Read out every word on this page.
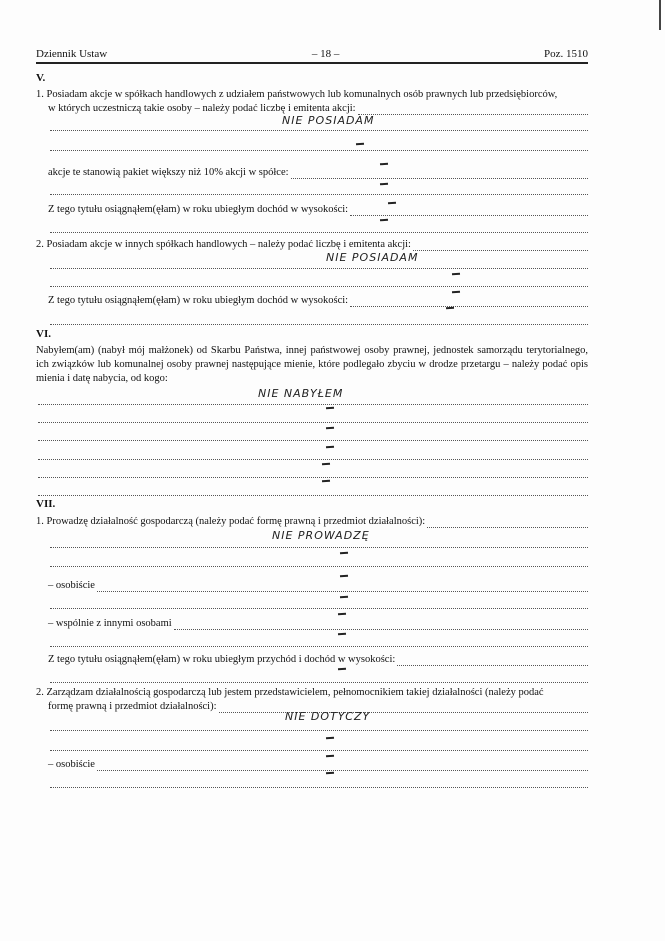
Dziennik Ustaw	– 18 –	Poz. 1510
V.
1. Posiadam akcje w spółkach handlowych z udziałem państwowych lub komunalnych osób prawnych lub przedsiębiorców,
w których uczestniczą takie osoby – należy podać liczbę i emitenta akcji:
NIE POSIADAM
akcje te stanowią pakiet większy niż 10% akcji w spółce:
Z tego tytułu osiągnąłem(ęłam) w roku ubiegłym dochód w wysokości:
2. Posiadam akcje w innych spółkach handlowych – należy podać liczbę i emitenta akcji:
NIE POSIADAM
Z tego tytułu osiągnąłem(ęłam) w roku ubiegłym dochód w wysokości:
VI.
Nabyłem(am) (nabył mój małżonek) od Skarbu Państwa, innej państwowej osoby prawnej, jednostek samorządu terytorialnego, ich związków lub komunalnej osoby prawnej następujące mienie, które podlegało zbyciu w drodze przetargu – należy podać opis mienia i datę nabycia, od kogo:
NIE NABYŁEM
VII.
1. Prowadzę działalność gospodarczą (należy podać formę prawną i przedmiot działalności):
NIE PROWADZĘ
– osobiście
– wspólnie z innymi osobami
Z tego tytułu osiągnąłem(ęłam) w roku ubiegłym przychód i dochód w wysokości:
2. Zarządzam działalnością gospodarczą lub jestem przedstawicielem, pełnomocnikiem takiej działalności (należy podać
formę prawną i przedmiot działalności):
NIE DOTYCZY
– osobiście
